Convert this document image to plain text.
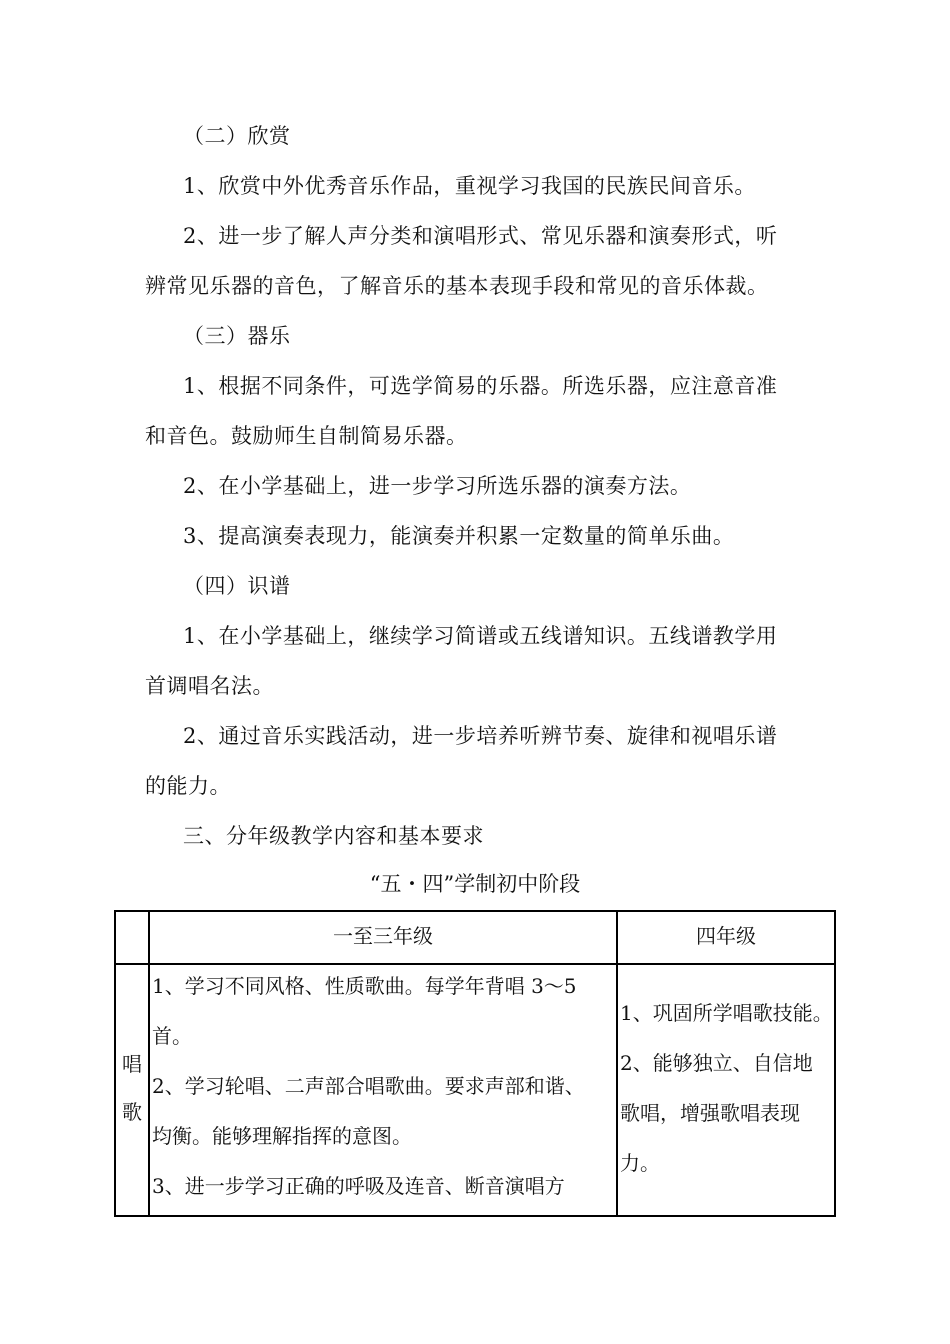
（二）欣赏
1、欣赏中外优秀音乐作品，重视学习我国的民族民间音乐。
2、进一步了解人声分类和演唱形式、常见乐器和演奏形式，听
辨常见乐器的音色，了解音乐的基本表现手段和常见的音乐体裁。
（三）器乐
1、根据不同条件，可选学简易的乐器。所选乐器，应注意音准
和音色。鼓励师生自制简易乐器。
2、在小学基础上，进一步学习所选乐器的演奏方法。
3、提高演奏表现力，能演奏并积累一定数量的简单乐曲。
（四）识谱
1、在小学基础上，继续学习简谱或五线谱知识。五线谱教学用
首调唱名法。
2、通过音乐实践活动，进一步培养听辨节奏、旋律和视唱乐谱
的能力。
三、分年级教学内容和基本要求
“五・四”学制初中阶段
一至三年级	四年级
唱
歌
1、学习不同风格、性质歌曲。每学年背唱 3～5
首。
2、学习轮唱、二声部合唱歌曲。要求声部和谐、
均衡。能够理解指挥的意图。
3、进一步学习正确的呼吸及连音、断音演唱方
1、巩固所学唱歌技能。
2、能够独立、自信地
歌唱，增强歌唱表现
力。
